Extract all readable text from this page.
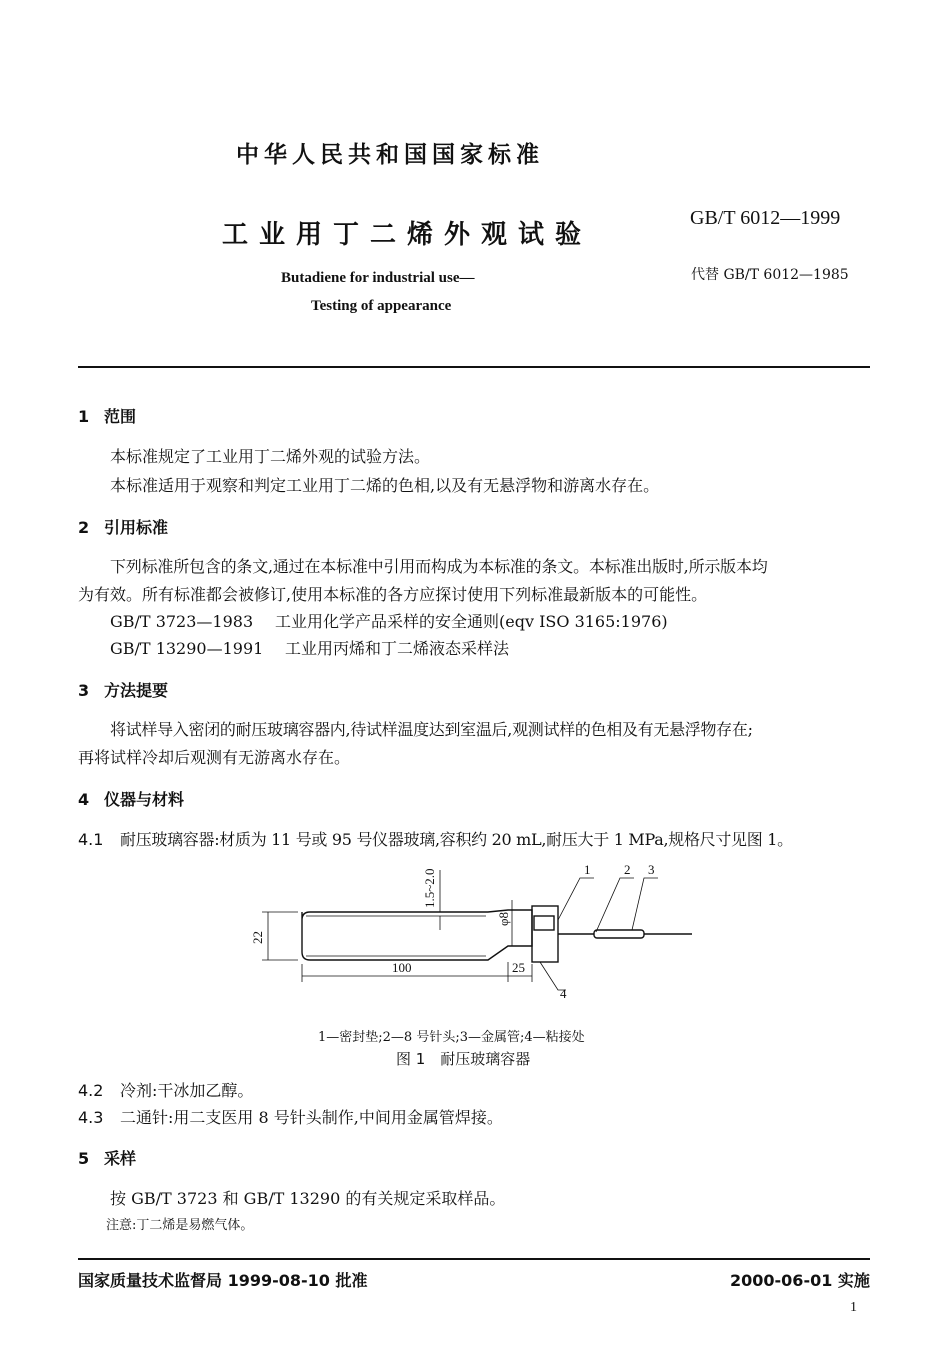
中华人民共和国国家标准
工业用丁二烯外观试验
GB/T 6012—1999
Butadiene for industrial use—
Testing of appearance
代替 GB/T 6012—1985
1 范围
本标准规定了工业用丁二烯外观的试验方法。
本标准适用于观察和判定工业用丁二烯的色相,以及有无悬浮物和游离水存在。
2 引用标准
下列标准所包含的条文,通过在本标准中引用而构成为本标准的条文。本标准出版时,所示版本均
为有效。所有标准都会被修订,使用本标准的各方应探讨使用下列标准最新版本的可能性。
GB/T 3723—1983 工业用化学产品采样的安全通则(eqv ISO 3165:1976)
GB/T 13290—1991 工业用丙烯和丁二烯液态采样法
3 方法提要
将试样导入密闭的耐压玻璃容器内,待试样温度达到室温后,观测试样的色相及有无悬浮物存在;
再将试样冷却后观测有无游离水存在。
4 仪器与材料
4.1 耐压玻璃容器:材质为 11 号或 95 号仪器玻璃,容积约 20 mL,耐压大于 1 MPa,规格尺寸见图 1。
1.5~2.0
22
φ8
100	25
1	2 3
4
1—密封垫;2—8 号针头;3—金属管;4—粘接处
图 1　耐压玻璃容器
4.2 冷剂:干冰加乙醇。
4.3 二通针:用二支医用 8 号针头制作,中间用金属管焊接。
5 采样
按 GB/T 3723 和 GB/T 13290 的有关规定采取样品。
注意:丁二烯是易燃气体。
国家质量技术监督局 1999-08-10 批准	2000-06-01 实施
1
